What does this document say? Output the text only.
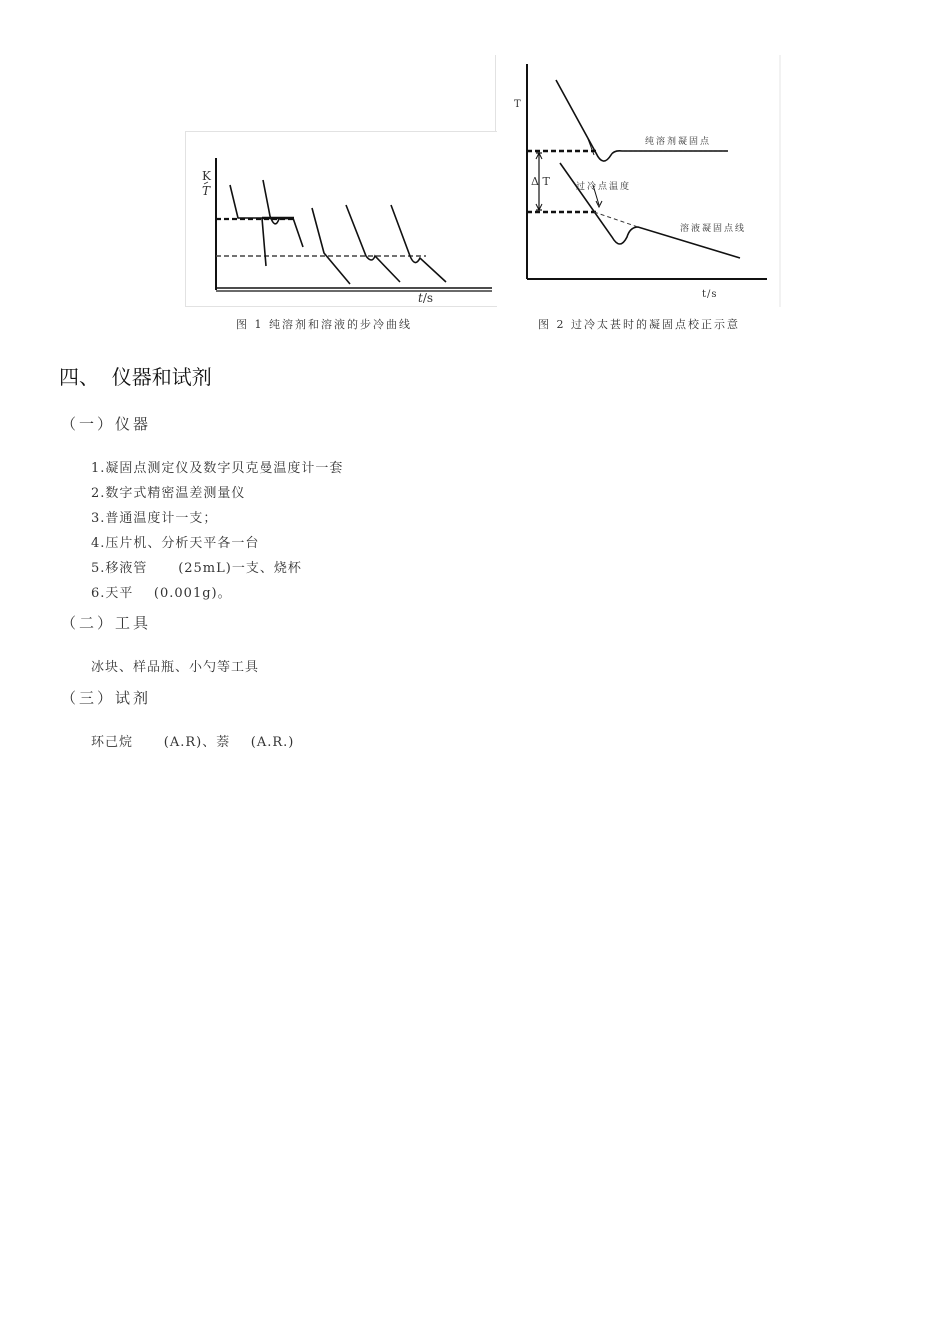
K
T
t/s
T
Δ T
纯溶剂凝固点
过冷点温度
溶液凝固点线
t/s
图 1 纯溶剂和溶液的步冷曲线	图 2 过冷太甚时的凝固点校正示意
四、  仪器和试剂
（一）仪器
1.凝固点测定仪及数字贝克曼温度计一套
2.数字式精密温差测量仪
3.普通温度计一支；
4.压片机、分析天平各一台
5.移液管      (25mL)一支、烧杯
6.天平    (0.001g)。
（二）工具
冰块、样品瓶、小勺等工具
（三）试剂
环己烷      (A.R)、萘    (A.R.)
